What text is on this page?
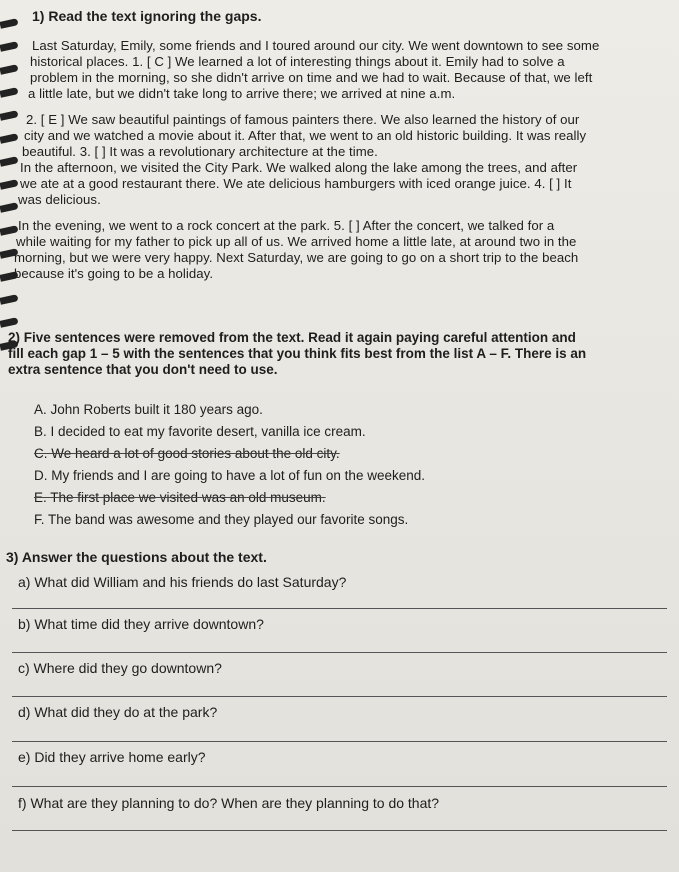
1) Read the text ignoring the gaps.
Last Saturday, Emily, some friends and I toured around our city. We went downtown to see some
historical places. 1. [ C ] We learned a lot of interesting things about it. Emily had to solve a
problem in the morning, so she didn't arrive on time and we had to wait. Because of that, we left
a little late, but we didn't take long to arrive there; we arrived at nine a.m.
2. [ E ] We saw beautiful paintings of famous painters there. We also learned the history of our
city and we watched a movie about it. After that, we went to an old historic building. It was really
beautiful. 3. [ ] It was a revolutionary architecture at the time.
In the afternoon, we visited the City Park. We walked along the lake among the trees, and after
we ate at a good restaurant there. We ate delicious hamburgers with iced orange juice. 4. [ ] It
was delicious.
In the evening, we went to a rock concert at the park. 5. [ ] After the concert, we talked for a
while waiting for my father to pick up all of us. We arrived home a little late, at around two in the
morning, but we were very happy. Next Saturday, we are going to go on a short trip to the beach
because it's going to be a holiday.
2) Five sentences were removed from the text. Read it again paying careful attention and
fill each gap 1 – 5 with the sentences that you think fits best from the list A – F. There is an
extra sentence that you don't need to use.
A. John Roberts built it 180 years ago.
B. I decided to eat my favorite desert, vanilla ice cream.
C. We heard a lot of good stories about the old city.
D. My friends and I are going to have a lot of fun on the weekend.
E. The first place we visited was an old museum.
F. The band was awesome and they played our favorite songs.
3) Answer the questions about the text.
a) What did William and his friends do last Saturday?
b) What time did they arrive downtown?
c) Where did they go downtown?
d) What did they do at the park?
e) Did they arrive home early?
f) What are they planning to do? When are they planning to do that?
